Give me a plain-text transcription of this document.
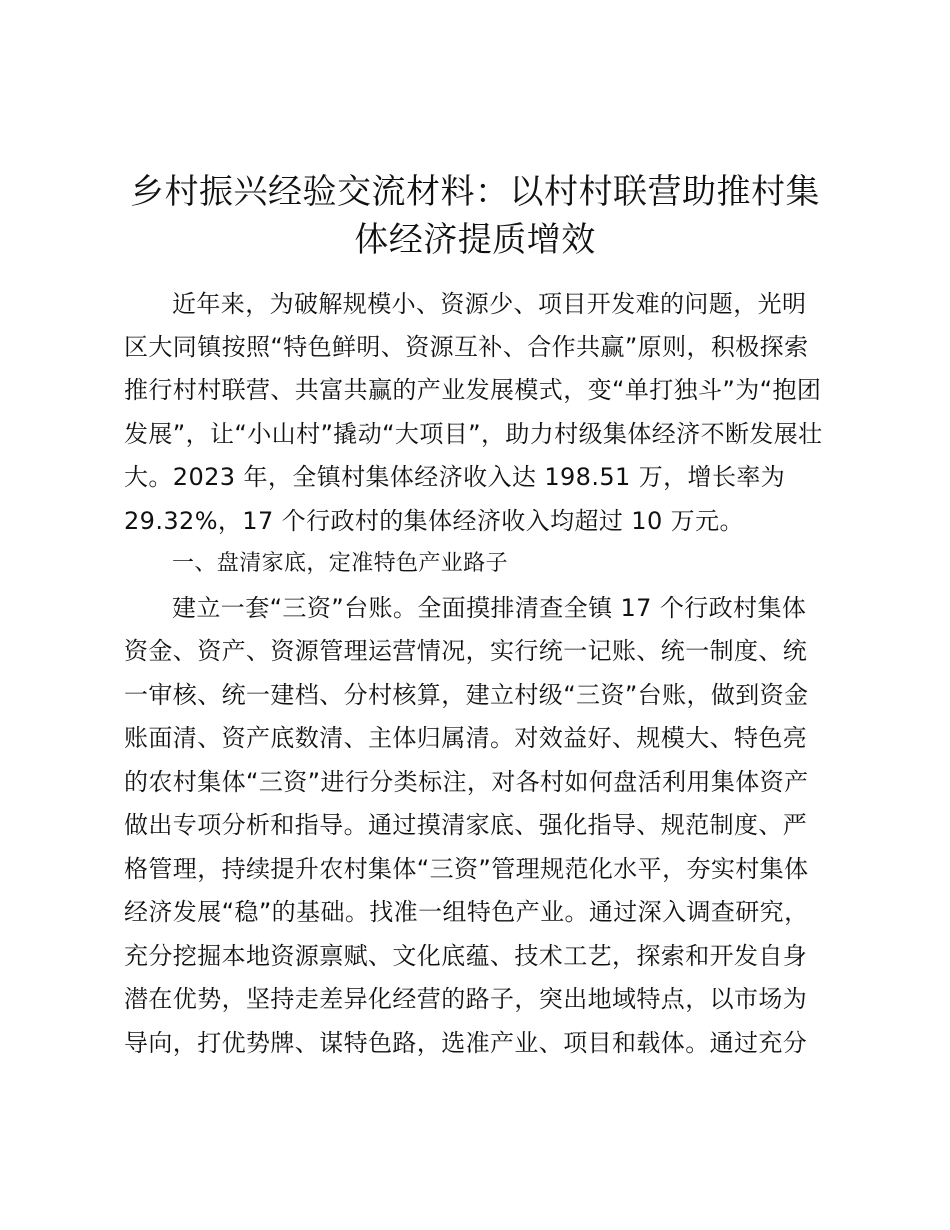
乡村振兴经验交流材料：以村村联营助推村集
体经济提质增效
近年来，为破解规模小、资源少、项目开发难的问题，光明
区大同镇按照“特色鲜明、资源互补、合作共赢”原则，积极探索
推行村村联营、共富共赢的产业发展模式，变“单打独斗”为“抱团
发展”，让“小山村”撬动“大项目”，助力村级集体经济不断发展壮
大。2023 年，全镇村集体经济收入达 198.51 万，增长率为
29.32%，17 个行政村的集体经济收入均超过 10 万元。
一、盘清家底，定准特色产业路子
建立一套“三资”台账。全面摸排清查全镇 17 个行政村集体
资金、资产、资源管理运营情况，实行统一记账、统一制度、统
一审核、统一建档、分村核算，建立村级“三资”台账，做到资金
账面清、资产底数清、主体归属清。对效益好、规模大、特色亮
的农村集体“三资”进行分类标注，对各村如何盘活利用集体资产
做出专项分析和指导。通过摸清家底、强化指导、规范制度、严
格管理，持续提升农村集体“三资”管理规范化水平，夯实村集体
经济发展“稳”的基础。找准一组特色产业。通过深入调查研究，
充分挖掘本地资源禀赋、文化底蕴、技术工艺，探索和开发自身
潜在优势，坚持走差异化经营的路子，突出地域特点，以市场为
导向，打优势牌、谋特色路，选准产业、项目和载体。通过充分
